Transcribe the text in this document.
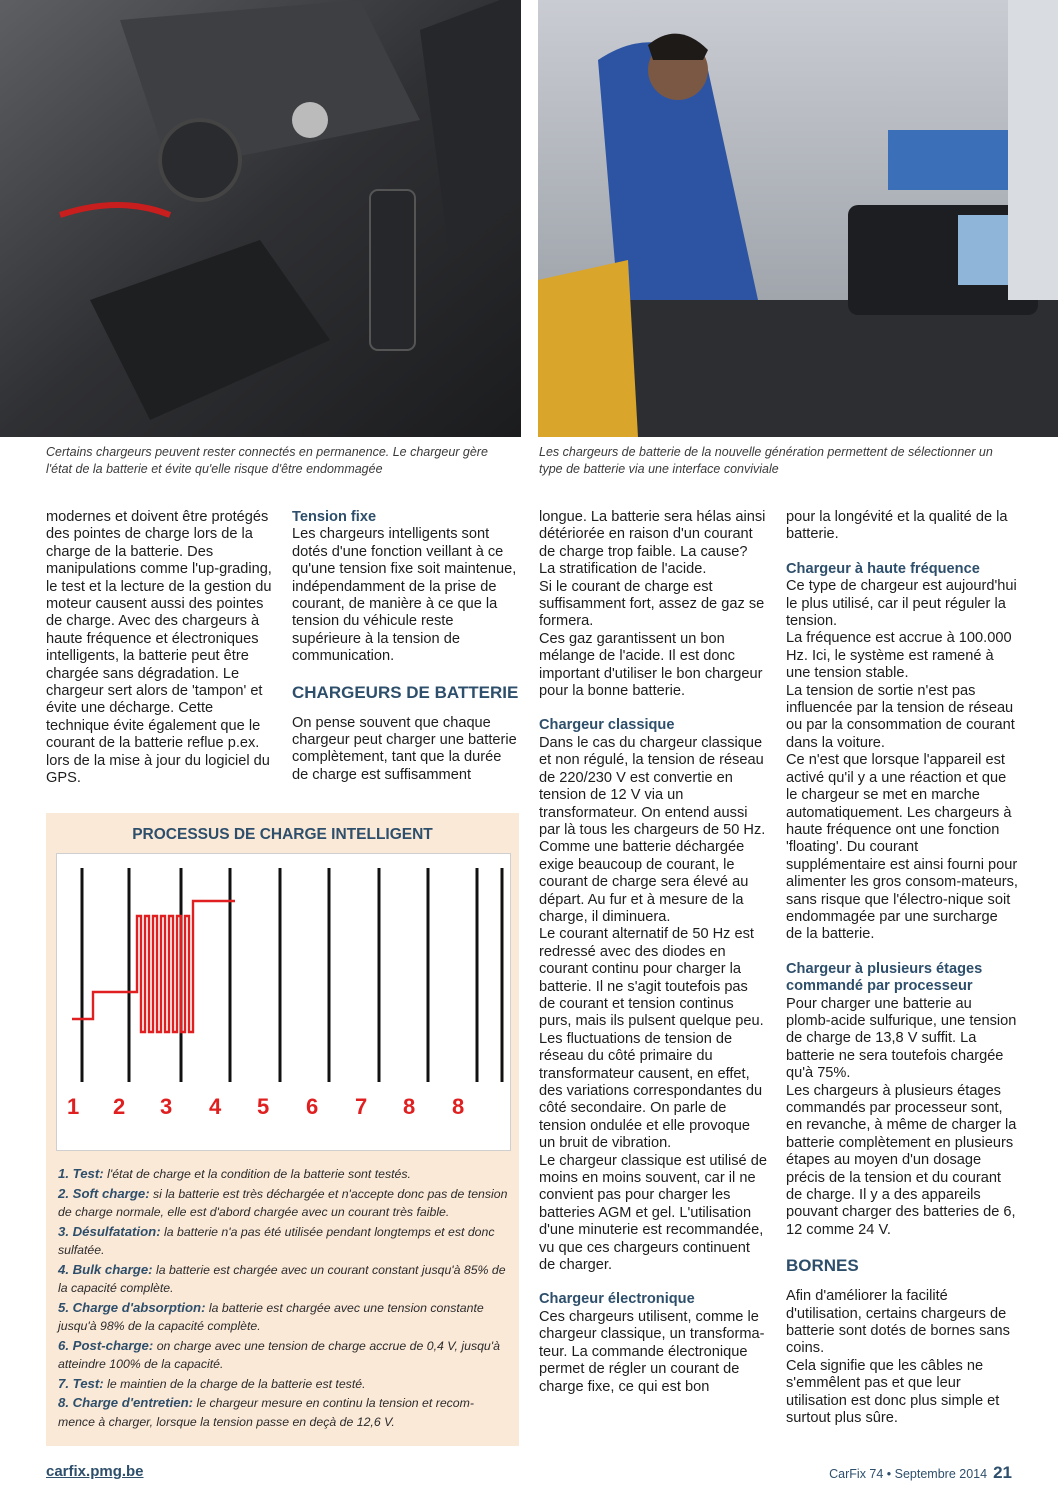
Certains chargeurs peuvent rester connectés en permanence. Le chargeur gère l'état de la batterie et évite qu'elle risque d'être endommagée
Les chargeurs de batterie de la nouvelle génération permettent de sélectionner un type de batterie via une interface conviviale

modernes et doivent être protégés des pointes de charge lors de la charge de la batterie. Des manipulations comme l'up-grading, le test et la lecture de la gestion du moteur causent aussi des pointes de charge. Avec des chargeurs à haute fréquence et électroniques intelligents, la batterie peut être chargée sans dégradation. Le chargeur sert alors de 'tampon' et évite une décharge. Cette technique évite également que le courant de la batterie reflue p.ex. lors de la mise à jour du logiciel du GPS.

Tension fixe

Les chargeurs intelligents sont dotés d'une fonction veillant à ce qu'une tension fixe soit maintenue, indépendamment de la prise de courant, de manière à ce que la tension du véhicule reste supérieure à la tension de communication.

CHARGEURS DE BATTERIE

On pense souvent que chaque chargeur peut charger une batterie complètement, tant que la durée de charge est suffisamment

longue. La batterie sera hélas ainsi détériorée en raison d'un courant de charge trop faible. La cause? La stratification de l'acide.

Si le courant de charge est suffisamment fort, assez de gaz se formera.

Ces gaz garantissent un bon mélange de l'acide. Il est donc important d'utiliser le bon chargeur pour la bonne batterie.

Chargeur classique

Dans le cas du chargeur classique et non régulé, la tension de réseau de 220/230 V est convertie en tension de 12 V via un transformateur. On entend aussi par là tous les chargeurs de 50 Hz. Comme une batterie déchargée exige beaucoup de courant, le courant de charge sera élevé au départ. Au fur et à mesure de la charge, il diminuera.

Le courant alternatif de 50 Hz est redressé avec des diodes en courant continu pour charger la batterie. Il ne s'agit toutefois pas de courant et tension continus purs, mais ils pulsent quelque peu. Les fluctuations de tension de réseau du côté primaire du transformateur causent, en effet, des variations correspondantes du côté secondaire. On parle de tension ondulée et elle provoque un bruit de vibration.

Le chargeur classique est utilisé de moins en moins souvent, car il ne convient pas pour charger les batteries AGM et gel. L'utilisation d'une minuterie est recommandée, vu que ces chargeurs continuent de charger.

Chargeur électronique

Ces chargeurs utilisent, comme le chargeur classique, un transforma-teur. La commande électronique permet de régler un courant de charge fixe, ce qui est bon

pour la longévité et la qualité de la batterie.

Chargeur à haute fréquence

Ce type de chargeur est aujourd'hui le plus utilisé, car il peut réguler la tension.

La fréquence est accrue à 100.000 Hz. Ici, le système est ramené à une tension stable.

La tension de sortie n'est pas influencée par la tension de réseau ou par la consommation de courant dans la voiture.

Ce n'est que lorsque l'appareil est activé qu'il y a une réaction et que le chargeur se met en marche automatiquement. Les chargeurs à haute fréquence ont une fonction 'floating'. Du courant supplémentaire est ainsi fourni pour alimenter les gros consom-mateurs, sans risque que l'électro-nique soit endommagée par une surcharge de la batterie.

Chargeur à plusieurs étages commandé par processeur

Pour charger une batterie au plomb-acide sulfurique, une tension de charge de 13,8 V suffit. La batterie ne sera toutefois chargée qu'à 75%.

Les chargeurs à plusieurs étages commandés par processeur sont, en revanche, à même de charger la batterie complètement en plusieurs étapes au moyen d'un dosage précis de la tension et du courant de charge. Il y a des appareils pouvant charger des batteries de 6, 12 comme 24 V.

BORNES

Afin d'améliorer la facilité d'utilisation, certains chargeurs de batterie sont dotés de bornes sans coins.

Cela signifie que les câbles ne s'emmêlent pas et que leur utilisation est donc plus simple et surtout plus sûre.

PROCESSUS DE CHARGE INTELLIGENT
1 2 3 4 5 6 7 8 8

1. Test: l'état de charge et la condition de la batterie sont testés.

2. Soft charge: si la batterie est très déchargée et n'accepte donc pas de tension de charge normale, elle est d'abord chargée avec un courant très faible.

3. Désulfatation: la batterie n'a pas été utilisée pendant longtemps et est donc sulfatée.

4. Bulk charge: la batterie est chargée avec un courant constant jusqu'à 85% de la capacité complète.

5. Charge d'absorption: la batterie est chargée avec une tension constante jusqu'à 98% de la capacité complète.

6. Post-charge: on charge avec une tension de charge accrue de 0,4 V, jusqu'à atteindre 100% de la capacité.

7. Test: le maintien de la charge de la batterie est testé.

8. Charge d'entretien: le chargeur mesure en continu la tension et recom-mence à charger, lorsque la tension passe en deçà de 12,6 V.

carfix.pmg.be	CarFix 74 • Septembre 2014 21
